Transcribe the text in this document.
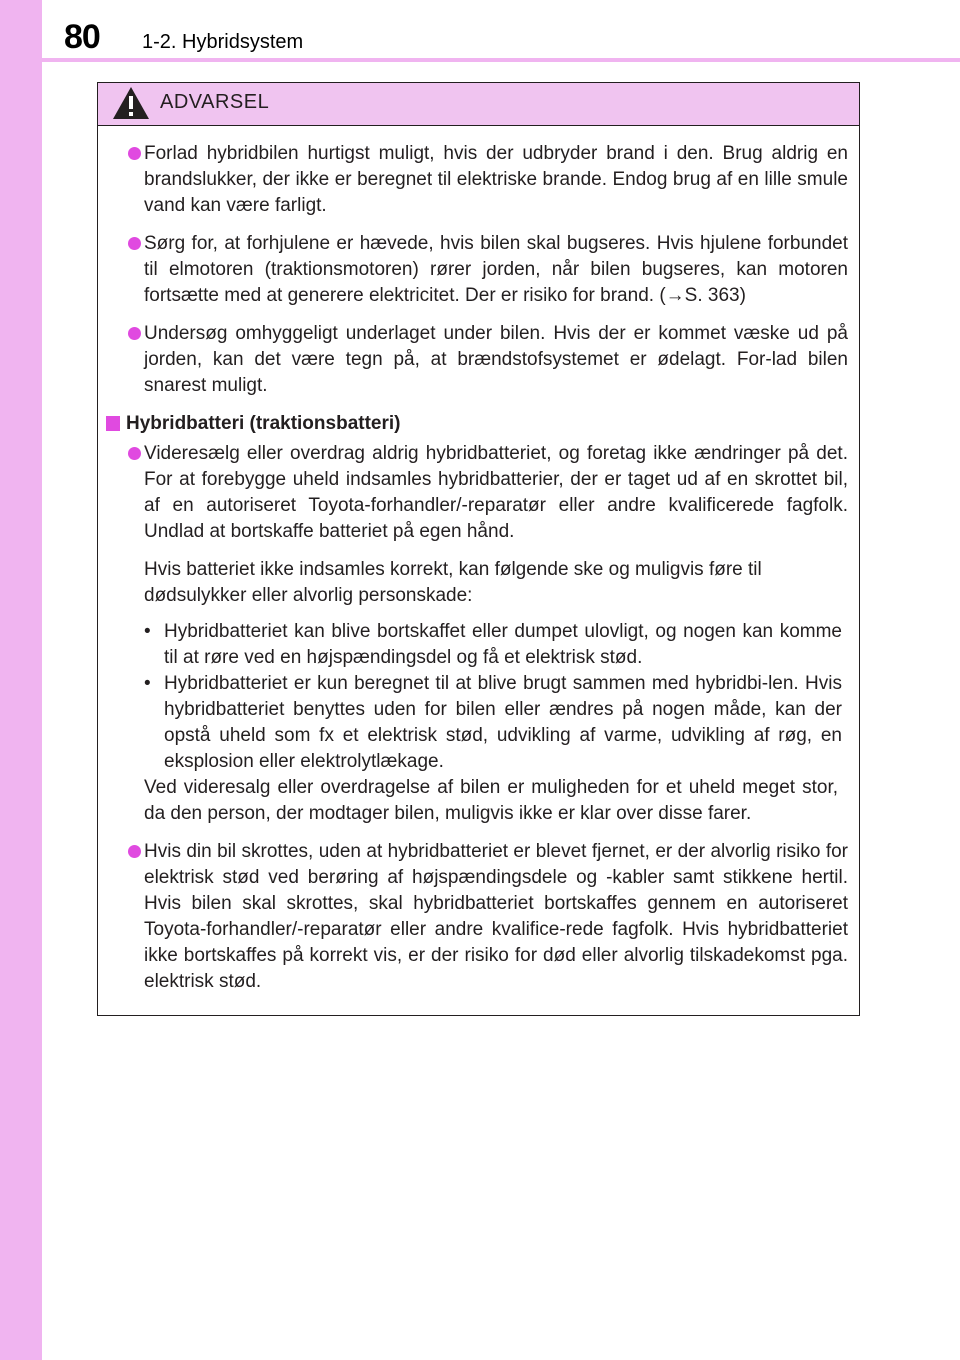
80 1-2. Hybridsystem
ADVARSEL
Forlad hybridbilen hurtigst muligt, hvis der udbryder brand i den. Brug aldrig en brandslukker, der ikke er beregnet til elektriske brande. Endog brug af en lille smule vand kan være farligt.
Sørg for, at forhjulene er hævede, hvis bilen skal bugseres. Hvis hjulene forbundet til elmotoren (traktionsmotoren) rører jorden, når bilen bugseres, kan motoren fortsætte med at generere elektricitet. Der er risiko for brand. (→S. 363)
Undersøg omhyggeligt underlaget under bilen. Hvis der er kommet væske ud på jorden, kan det være tegn på, at brændstofsystemet er ødelagt. For-lad bilen snarest muligt.
Hybridbatteri (traktionsbatteri)
Videresælg eller overdrag aldrig hybridbatteriet, og foretag ikke ændringer på det. For at forebygge uheld indsamles hybridbatterier, der er taget ud af en skrottet bil, af en autoriseret Toyota-forhandler/-reparatør eller andre kvalificerede fagfolk. Undlad at bortskaffe batteriet på egen hånd.
Hvis batteriet ikke indsamles korrekt, kan følgende ske og muligvis føre til dødsulykker eller alvorlig personskade:
• Hybridbatteriet kan blive bortskaffet eller dumpet ulovligt, og nogen kan komme til at røre ved en højspændingsdel og få et elektrisk stød.
• Hybridbatteriet er kun beregnet til at blive brugt sammen med hybridbi-len. Hvis hybridbatteriet benyttes uden for bilen eller ændres på nogen måde, kan der opstå uheld som fx et elektrisk stød, udvikling af varme, udvikling af røg, en eksplosion eller elektrolytlækage.
Ved videresalg eller overdragelse af bilen er muligheden for et uheld meget stor, da den person, der modtager bilen, muligvis ikke er klar over disse farer.
Hvis din bil skrottes, uden at hybridbatteriet er blevet fjernet, er der alvorlig risiko for elektrisk stød ved berøring af højspændingsdele og -kabler samt stikkene hertil. Hvis bilen skal skrottes, skal hybridbatteriet bortskaffes gennem en autoriseret Toyota-forhandler/-reparatør eller andre kvalifice-rede fagfolk. Hvis hybridbatteriet ikke bortskaffes på korrekt vis, er der risiko for død eller alvorlig tilskadekomst pga. elektrisk stød.
